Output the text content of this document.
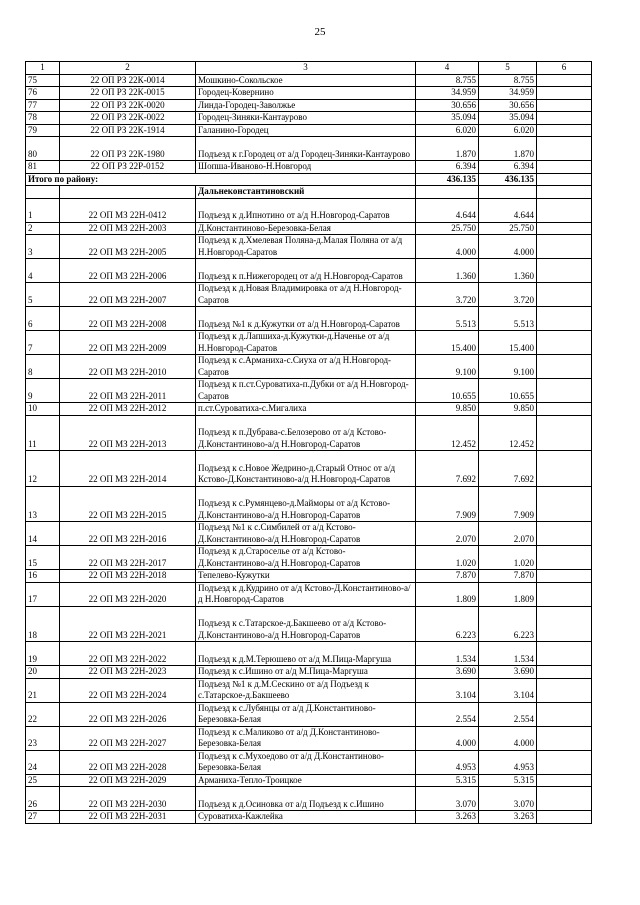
25
1	2	3	4	5	6
75	22 ОП РЗ 22К-0014	Мошкино-Сокольское	8.755	8.755	
76	22 ОП РЗ 22К-0015	Городец-Ковернино	34.959	34.959	
77	22 ОП РЗ 22К-0020	Линда-Городец-Заволжье	30.656	30.656	
78	22 ОП РЗ 22К-0022	Городец-Зиняки-Кантаурово	35.094	35.094	
79	22 ОП РЗ 22К-1914	Галанино-Городец	6.020	6.020	
80	22 ОП РЗ 22К-1980	Подъезд к г.Городец от а/д Городец-Зиняки-Кантаурово	1.870	1.870	
81	22 ОП РЗ 22Р-0152	Шопша-Иваново-Н.Новгород	6.394	6.394	
Итого по району:			436.135	436.135	
		Дальнеконстантиновский			
1	22 ОП МЗ 22Н-0412	Подъезд к д.Ипнотино от а/д Н.Новгород-Саратов	4.644	4.644	
2	22 ОП МЗ 22Н-2003	Д.Константиново-Березовка-Белая	25.750	25.750	
3	22 ОП МЗ 22Н-2005	Подъезд к д.Хмелевая Поляна-д.Малая Поляна от а/д Н.Новгород-Саратов	4.000	4.000	
4	22 ОП МЗ 22Н-2006	Подъезд к п.Нижегородец от а/д Н.Новгород-Саратов	1.360	1.360	
5	22 ОП МЗ 22Н-2007	Подъезд к д.Новая Владимировка от а/д Н.Новгород-Саратов	3.720	3.720	
6	22 ОП МЗ 22Н-2008	Подъезд №1 к д.Кужутки от а/д Н.Новгород-Саратов	5.513	5.513	
7	22 ОП МЗ 22Н-2009	Подъезд к д.Лапшиха-д.Кужутки-д.Наченье от а/д Н.Новгород-Саратов	15.400	15.400	
8	22 ОП МЗ 22Н-2010	Подъезд к с.Арманиха-с.Сиуха от а/д Н.Новгород-Саратов	9.100	9.100	
9	22 ОП МЗ 22Н-2011	Подъезд к п.ст.Суроватиха-п.Дубки от а/д Н.Новгород-Саратов	10.655	10.655	
10	22 ОП МЗ 22Н-2012	п.ст.Суроватиха-с.Мигалиха	9.850	9.850	
11	22 ОП МЗ 22Н-2013	Подъезд к п.Дубрава-с.Белозерово от а/д Кстово-Д.Константиново-а/д Н.Новгород-Саратов	12.452	12.452	
12	22 ОП МЗ 22Н-2014	Подъезд к с.Новое Жедрино-д.Старый Относ от а/д Кстово-Д.Константиново-а/д Н.Новгород-Саратов	7.692	7.692	
13	22 ОП МЗ 22Н-2015	Подъезд к с.Румянцево-д.Майморы от а/д Кстово-Д.Константиново-а/д Н.Новгород-Саратов	7.909	7.909	
14	22 ОП МЗ 22Н-2016	Подъезд №1 к с.Симбилей от а/д Кстово-Д.Константиново-а/д Н.Новгород-Саратов	2.070	2.070	
15	22 ОП МЗ 22Н-2017	Подъезд к д.Староселье от а/д Кстово-Д.Константиново-а/д Н.Новгород-Саратов	1.020	1.020	
16	22 ОП МЗ 22Н-2018	Тепелево-Кужутки	7.870	7.870	
17	22 ОП МЗ 22Н-2020	Подъезд к д.Кудрино от а/д Кстово-Д.Константиново-а/д Н.Новгород-Саратов	1.809	1.809	
18	22 ОП МЗ 22Н-2021	Подъезд к с.Татарское-д.Бакшеево от а/д Кстово-Д.Константиново-а/д Н.Новгород-Саратов	6.223	6.223	
19	22 ОП МЗ 22Н-2022	Подъезд к д.М.Терюшево от а/д М.Пица-Маргуша	1.534	1.534	
20	22 ОП МЗ 22Н-2023	Подъезд к с.Ишино от а/д М.Пица-Маргуша	3.690	3.690	
21	22 ОП МЗ 22Н-2024	Подъезд №1 к д.М.Сескино от а/д Подъезд к с.Татарское-д.Бакшеево	3.104	3.104	
22	22 ОП МЗ 22Н-2026	Подъезд к с.Лубянцы от а/д Д.Константиново-Березовка-Белая	2.554	2.554	
23	22 ОП МЗ 22Н-2027	Подъезд к с.Маликово от а/д Д.Константиново-Березовка-Белая	4.000	4.000	
24	22 ОП МЗ 22Н-2028	Подъезд к с.Мухоедово от а/д Д.Константиново-Березовка-Белая	4.953	4.953	
25	22 ОП МЗ 22Н-2029	Арманиха-Тепло-Троицкое	5.315	5.315	
26	22 ОП МЗ 22Н-2030	Подъезд к д.Осиновка от а/д Подъезд к с.Ишино	3.070	3.070	
27	22 ОП МЗ 22Н-2031	Суроватиха-Кажлейка	3.263	3.263	
